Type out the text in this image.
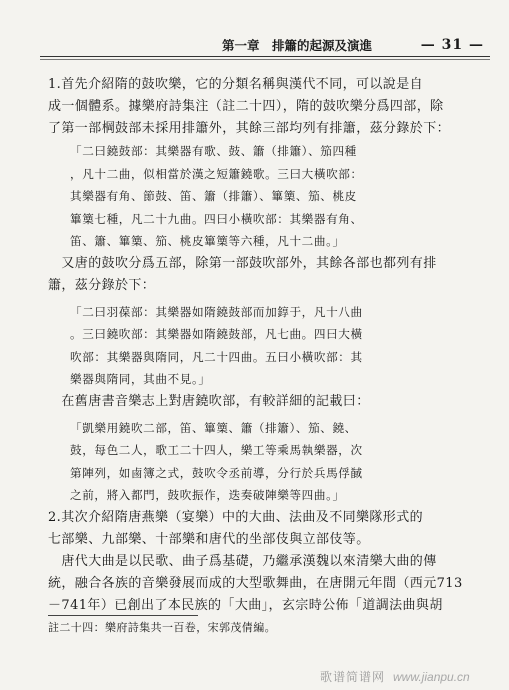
第一章　排簫的起源及演進	— 31 —
1.首先介紹隋的鼓吹樂，它的分類名稱與漢代不同，可以說是自
成一個體系。據樂府詩集注（註二十四），隋的鼓吹樂分爲四部，除
了第一部棡鼓部未採用排簫外，其餘三部均列有排簫，茲分錄於下：
「二曰鐃鼓部：其樂器有歌、鼓、簫（排簫）、笳四種
，凡十二曲，似相當於漢之短簫鐃歌。三曰大橫吹部：
其樂器有角、節鼓、笛、簫（排簫）、篳篥、笳、桃皮
篳篥七種，凡二十九曲。四曰小橫吹部：其樂器有角、
笛、簫、篳篥、笳、桃皮篳篥等六種，凡十二曲。」
　又唐的鼓吹分爲五部，除第一部鼓吹部外，其餘各部也都列有排
簫，茲分錄於下：
「二曰羽葆部：其樂器如隋鐃鼓部而加錞于，凡十八曲
。三曰鐃吹部：其樂器如隋鐃鼓部，凡七曲。四曰大橫
吹部：其樂器與隋同，凡二十四曲。五曰小橫吹部：其
樂器與隋同，其曲不見。」
　在舊唐書音樂志上對唐鐃吹部，有較詳細的記載曰：
「凱樂用鐃吹二部，笛、篳篥、簫（排簫）、笳、鐃、
鼓，每色二人，歌工二十四人，樂工等乘馬執樂器，次
第陣列，如鹵簿之式，鼓吹令丞前導，分行於兵馬俘馘
之前，將入都門，鼓吹振作，迭奏破陣樂等四曲。」
2.其次介紹隋唐燕樂（宴樂）中的大曲、法曲及不同樂隊形式的
七部樂、九部樂、十部樂和唐代的坐部伎與立部伎等。
　唐代大曲是以民歌、曲子爲基礎，乃繼承漢魏以來清樂大曲的傳
統，融合各族的音樂發展而成的大型歌舞曲，在唐開元年間（西元713
－741年）已創出了本民族的「大曲」，玄宗時公佈「道調法曲與胡
註二十四：樂府詩集共一百卷，宋郭茂倩編。
歌谱简谱网 www.jianpu.cn
